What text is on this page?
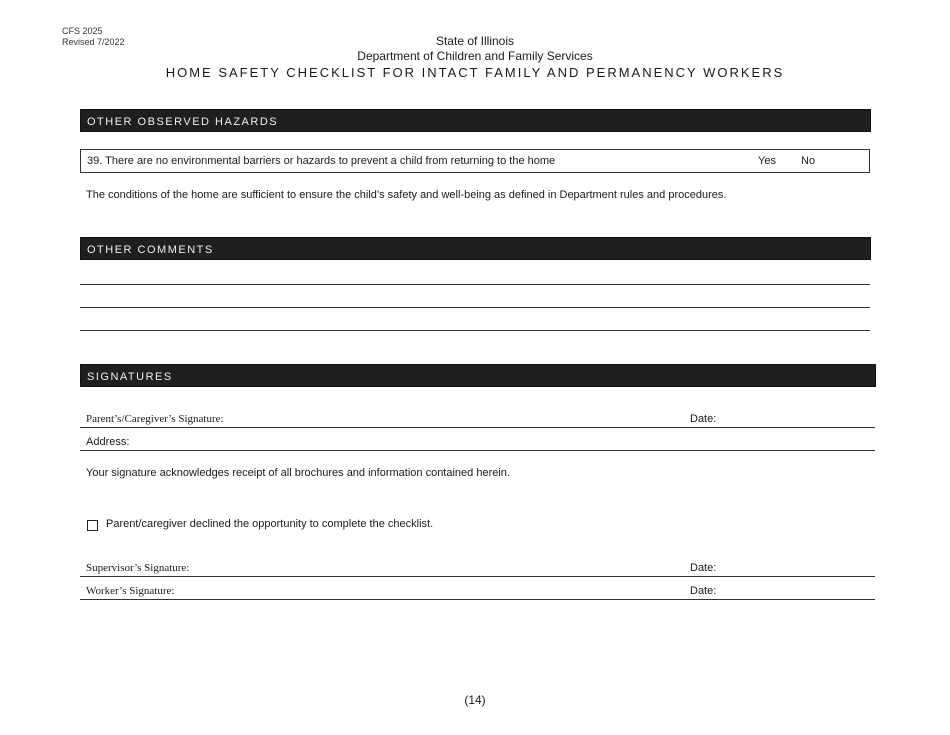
CFS 2025
Revised 7/2022	State of Illinois
Department of Children and Family Services
HOME SAFETY CHECKLIST FOR INTACT FAMILY AND PERMANENCY WORKERS
OTHER OBSERVED HAZARDS
39. There are no environmental barriers or hazards to prevent a child from returning to the home	Yes No
The conditions of the home are sufficient to ensure the child’s safety and well-being as defined in Department rules and procedures.
OTHER COMMENTS
SIGNATURES
Parent’s/Caregiver’s Signature:	Date:
Address:
Your signature acknowledges receipt of all brochures and information contained herein.
Parent/caregiver declined the opportunity to complete the checklist.
Supervisor’s Signature:	Date:
Worker’s Signature:	Date:
(14)
